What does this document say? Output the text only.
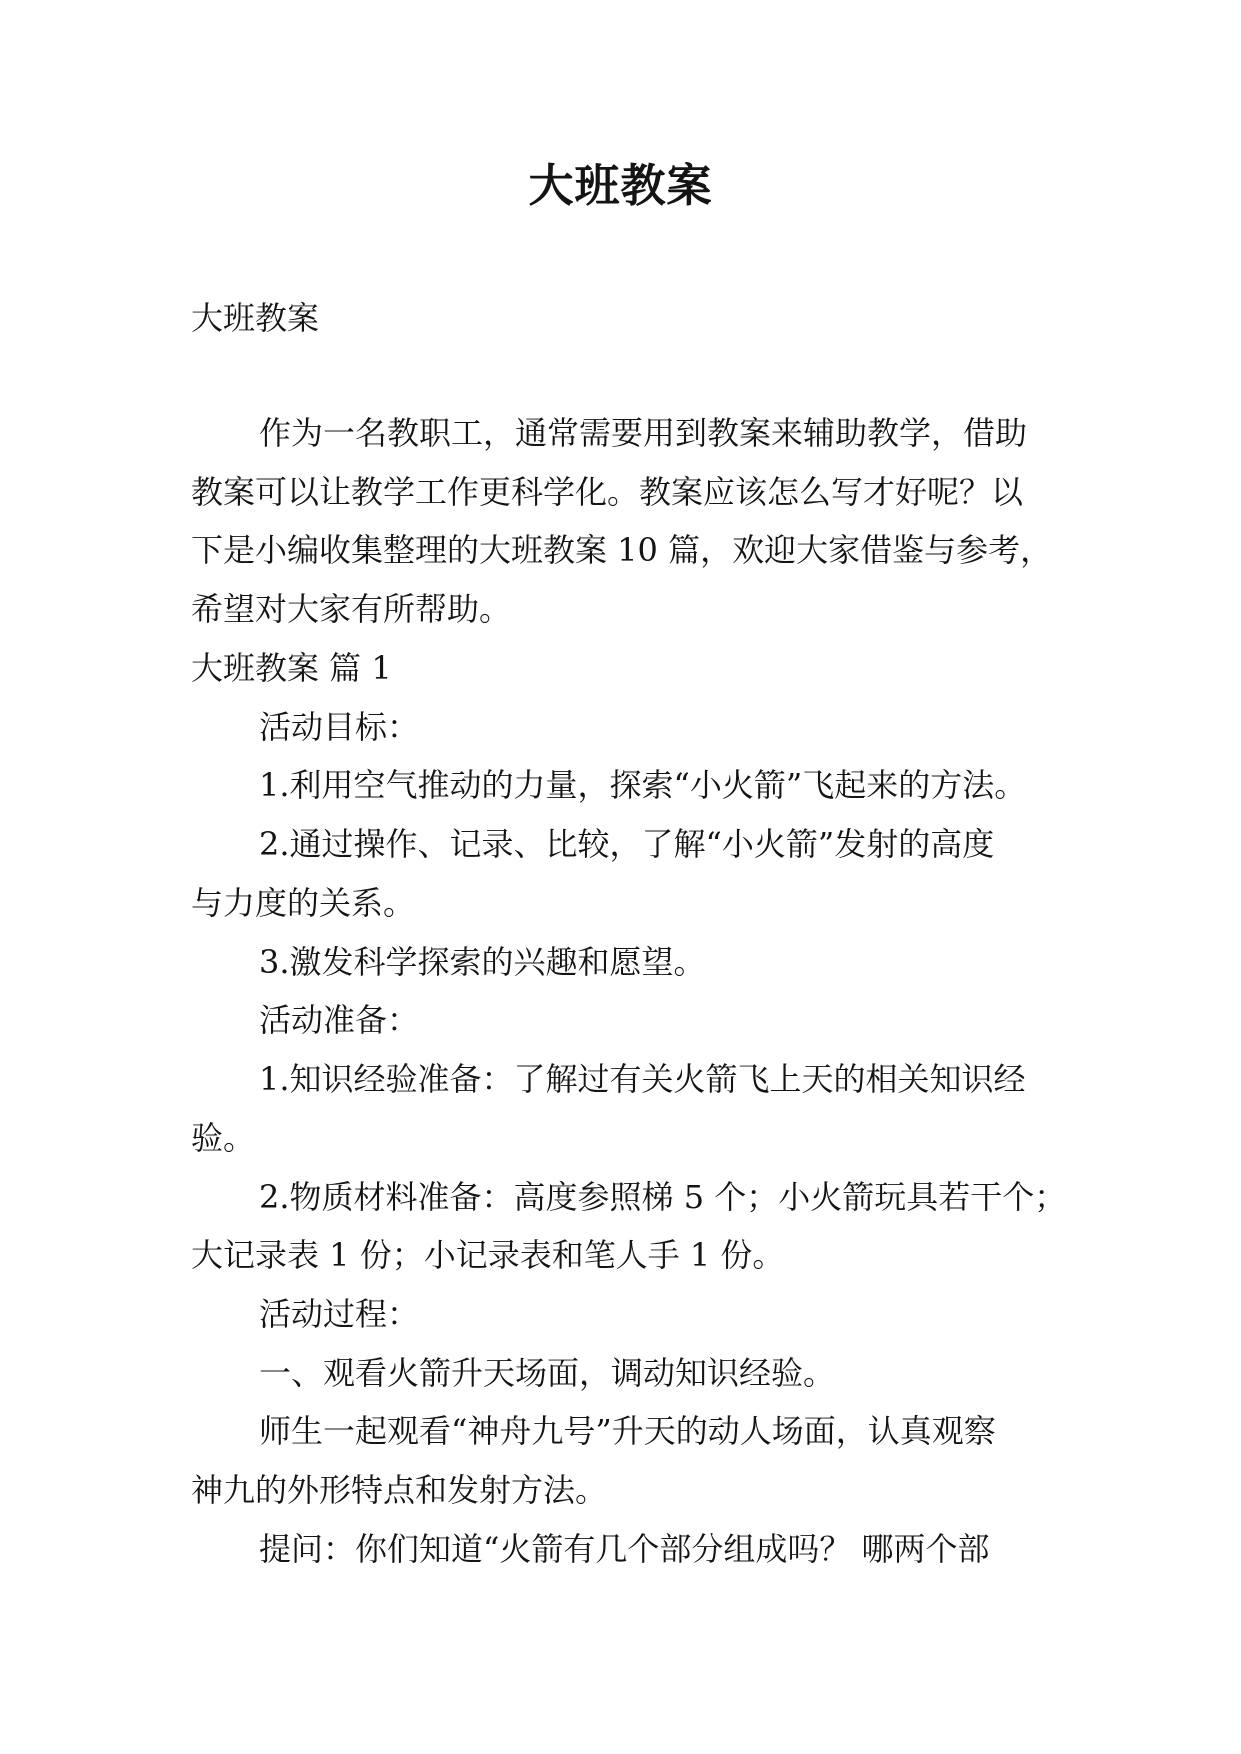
大班教案
大班教案

作为一名教职工，通常需要用到教案来辅助教学，借助
教案可以让教学工作更科学化。教案应该怎么写才好呢？以
下是小编收集整理的大班教案 10 篇，欢迎大家借鉴与参考，
希望对大家有所帮助。

大班教案 篇 1
活动目标：

1.利用空气推动的力量，探索“小火箭”飞起来的方法。

2.通过操作、记录、比较，了解“小火箭”发射的高度
与力度的关系。

3.激发科学探索的兴趣和愿望。

活动准备：

1.知识经验准备：了解过有关火箭飞上天的相关知识经
验。

2.物质材料准备：高度参照梯 5 个；小火箭玩具若干个；
大记录表 1 份；小记录表和笔人手 1 份。

活动过程：
一、观看火箭升天场面，调动知识经验。

师生一起观看“神舟九号”升天的动人场面，认真观察
神九的外形特点和发射方法。

提问：你们知道“火箭有几个部分组成吗？ 哪两个部
